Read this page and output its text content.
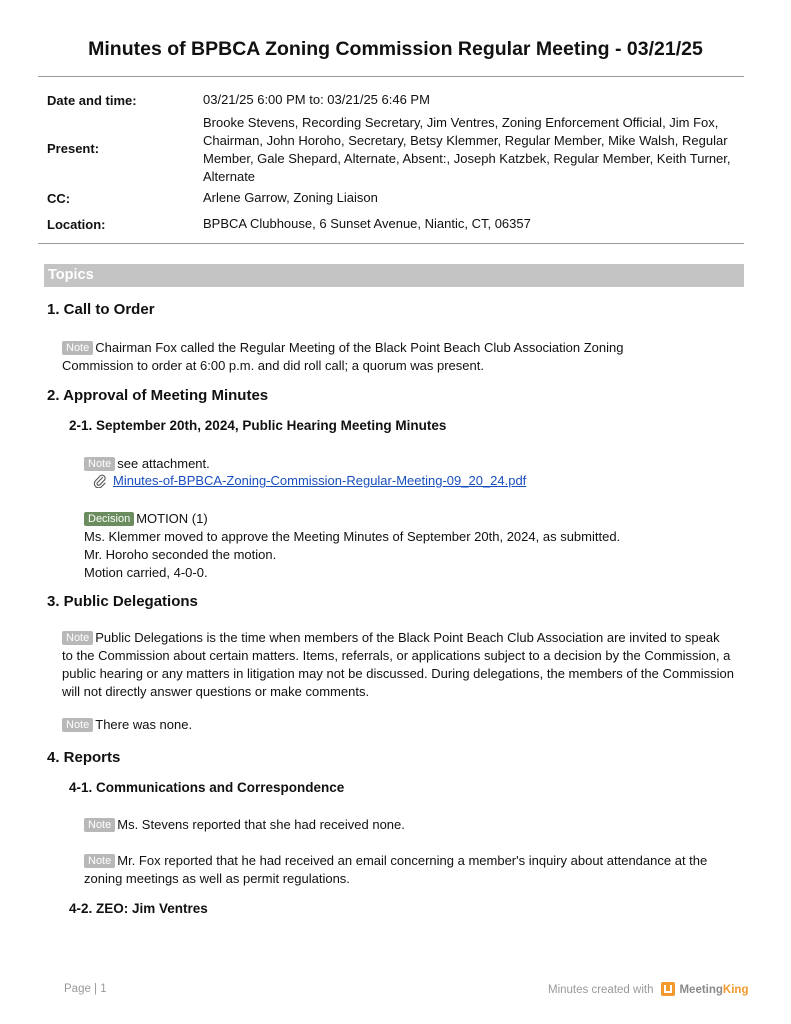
Minutes of BPBCA Zoning Commission Regular Meeting - 03/21/25
Date and time:	03/21/25 6:00 PM to: 03/21/25 6:46 PM
Present:
Brooke Stevens, Recording Secretary, Jim Ventres, Zoning Enforcement Official, Jim Fox, Chairman, John Horoho, Secretary, Betsy Klemmer, Regular Member, Mike Walsh, Regular Member, Gale Shepard, Alternate, Absent:, Joseph Katzbek, Regular Member, Keith Turner, Alternate
CC:	Arlene Garrow, Zoning Liaison
Location:	BPBCA Clubhouse, 6 Sunset Avenue, Niantic, CT, 06357
Topics
1. Call to Order
Note Chairman Fox called the Regular Meeting of the Black Point Beach Club Association Zoning Commission to order at 6:00 p.m. and did roll call; a quorum was present.
2. Approval of Meeting Minutes
2-1. September 20th, 2024, Public Hearing Meeting Minutes
Note see attachment.
Minutes-of-BPBCA-Zoning-Commission-Regular-Meeting-09_20_24.pdf
Decision MOTION (1)
Ms. Klemmer moved to approve the Meeting Minutes of September 20th, 2024, as submitted.
Mr. Horoho seconded the motion.
Motion carried, 4-0-0.
3. Public Delegations
Note Public Delegations is the time when members of the Black Point Beach Club Association are invited to speak to the Commission about certain matters. Items, referrals, or applications subject to a decision by the Commission, a public hearing or any matters in litigation may not be discussed. During delegations, the members of the Commission will not directly answer questions or make comments.
Note There was none.
4. Reports
4-1. Communications and Correspondence
Note Ms. Stevens reported that she had received none.
Note Mr. Fox reported that he had received an email concerning a member's inquiry about attendance at the zoning meetings as well as permit regulations.
4-2. ZEO: Jim Ventres
Page | 1	Minutes created with MeetingKing
